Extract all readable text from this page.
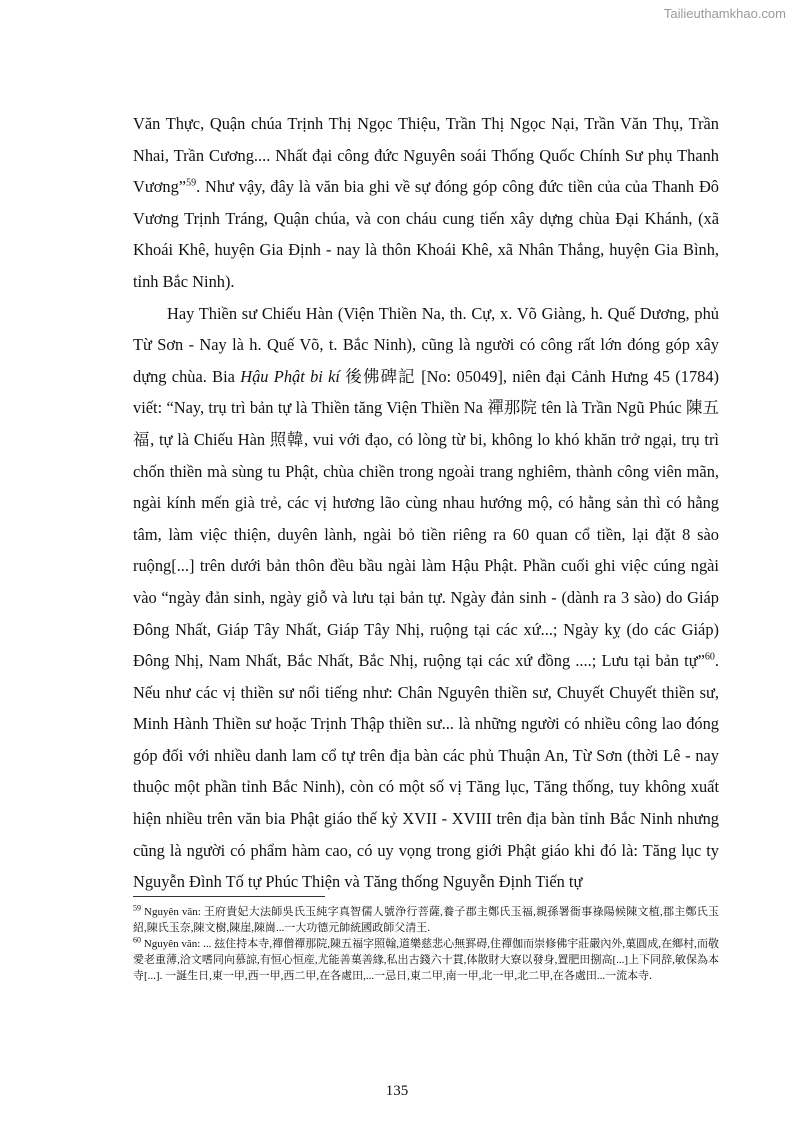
Tailieuthamkhao.com

Văn Thực, Quận chúa Trịnh Thị Ngọc Thiệu, Trần Thị Ngọc Nại, Trần Văn Thụ, Trần Nhai, Trần Cương.... Nhất đại công đức Nguyên soái Thống Quốc Chính Sư phụ Thanh Vương”$^{59}$. Như vậy, đây là văn bia ghi về sự đóng góp công đức tiền của của Thanh Đô Vương Trịnh Tráng, Quận chúa, và con cháu cung tiến xây dựng chùa Đại Khánh, (xã Khoái Khê, huyện Gia Định - nay là thôn Khoái Khê, xã Nhân Thắng, huyện Gia Bình, tỉnh Bắc Ninh).

Hay Thiền sư Chiếu Hàn (Viện Thiền Na, th. Cự, x. Võ Giàng, h. Quế Dương, phủ Từ Sơn - Nay là h. Quế Võ, t. Bắc Ninh), cũng là người có công rất lớn đóng góp xây dựng chùa. Bia Hậu Phật bi kí 後佛碑記 [No: 05049], niên đại Cảnh Hưng 45 (1784) viết: “Nay, trụ trì bản tự là Thiền tăng Viện Thiền Na 禪那院 tên là Trần Ngũ Phúc 陳五福, tự là Chiếu Hàn 照韓, vui với đạo, có lòng từ bi, không lo khó khăn trở ngại, trụ trì chốn thiền mà sùng tu Phật, chùa chiền trong ngoài trang nghiêm, thành công viên mãn, ngài kính mến già trẻ, các vị hương lão cùng nhau hướng mộ, có hằng sản thì có hằng tâm, làm việc thiện, duyên lành, ngài bỏ tiền riêng ra 60 quan cổ tiền, lại đặt 8 sào ruộng[...] trên dưới bản thôn đều bầu ngài làm Hậu Phật. Phần cuối ghi việc cúng ngài vào “ngày đản sinh, ngày giỗ và lưu tại bản tự. Ngày đản sinh - (dành ra 3 sào) do Giáp Đông Nhất, Giáp Tây Nhất, Giáp Tây Nhị, ruộng tại các xứ...; Ngày kỵ (do các Giáp) Đông Nhị, Nam Nhất, Bắc Nhất, Bắc Nhị, ruộng tại các xứ đồng ....; Lưu tại bản tự”$^{60}$. Nếu như các vị thiền sư nổi tiếng như: Chân Nguyên thiền sư, Chuyết Chuyết thiền sư, Minh Hành Thiền sư hoặc Trịnh Thập thiền sư... là những người có nhiều công lao đóng góp đối với nhiều danh lam cổ tự trên địa bàn các phủ Thuận An, Từ Sơn (thời Lê - nay thuộc một phần tỉnh Bắc Ninh), còn có một số vị Tăng lục, Tăng thống, tuy không xuất hiện nhiều trên văn bia Phật giáo thế kỷ XVII - XVIII trên địa bàn tỉnh Bắc Ninh nhưng cũng là người có phẩm hàm cao, có uy vọng trong giới Phật giáo khi đó là: Tăng lục ty Nguyễn Đình Tố tự Phúc Thiện và Tăng thống Nguyễn Định Tiến tự

$^{59}$ Nguyên văn: 王府貴妃大法師吳氏玉純字真智儒人號浄行菩薩,養子郡主鄭氏玉福,親孫署衙事祿陽候陳文植,郡主鄭氏玉紹,陳氏玉奈,陳文樹,陳崖,陳崗...一大功德元帥統國政師父清王.

$^{60}$ Nguyên văn: ... 玆住持本寺,禪僧禪那院,陳五福字照翰,道樂慈悲心無罫碍,住禪伽而崇修佛宇莊嚴內外,菓圓成,在鄉村,而敬愛老重薄,洽文嗜同向慕諒,有恒心恒産,尤能善菓善緣,私出古錢六十貫,体散財大寮以發身,置肥田捌高[...]上下同辞,敏保為本寺[...]. 一誕生日,東一甲,西一甲,西二甲,在各處田,...一忌日,東二甲,南一甲,北一甲,北二甲,在各處田...一流本寺.

135
